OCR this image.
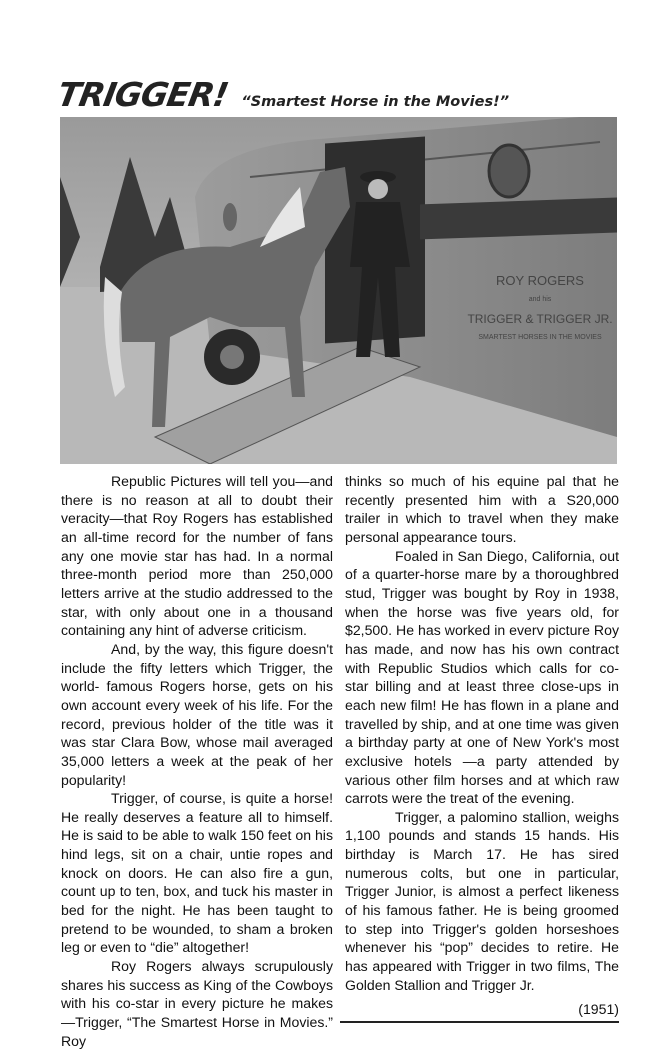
TRIGGER! “Smartest Horse in the Movies!”
ROY ROGERS
and his
TRIGGER & TRIGGER JR.
SMARTEST HORSES IN THE MOVIES

Republic Pictures will tell you—and there is no reason at all to doubt their veracity—that Roy Rogers has established an all-time record for the number of fans any one movie star has had. In a normal three-month period more than 250,000 letters arrive at the studio addressed to the star, with only about one in a thousand containing any hint of adverse criticism.

And, by the way, this figure doesn't include the fifty letters which Trigger, the world- famous Rogers horse, gets on his own account every week of his life. For the record, previous holder of the title was it was star Clara Bow, whose mail averaged 35,000 letters a week at the peak of her popularity!

Trigger, of course, is quite a horse! He really deserves a feature all to himself. He is said to be able to walk 150 feet on his hind legs, sit on a chair, untie ropes and knock on doors. He can also fire a gun, count up to ten, box, and tuck his master in bed for the night. He has been taught to pretend to be wounded, to sham a broken leg or even to “die” altogether!

Roy Rogers always scrupulously shares his success as King of the Cowboys with his co-star in every picture he makes—Trigger, “The Smartest Horse in Movies.” Roy

thinks so much of his equine pal that he recently presented him with a S20,000 trailer in which to travel when they make personal appearance tours.

Foaled in San Diego, California, out of a quarter-horse mare by a thoroughbred stud, Trigger was bought by Roy in 1938, when the horse was five years old, for $2,500. He has worked in everv picture Roy has made, and now has his own contract with Republic Studios which calls for co-star billing and at least three close-ups in each new film! He has flown in a plane and travelled by ship, and at one time was given a birthday party at one of New York's most exclusive hotels —a party attended by various other film horses and at which raw carrots were the treat of the evening.

Trigger, a palomino stallion, weighs 1,100 pounds and stands 15 hands. His birthday is March 17. He has sired numerous colts, but one in particular, Trigger Junior, is almost a perfect likeness of his famous father. He is being groomed to step into Trigger's golden horseshoes whenever his “pop” decides to retire. He has appeared with Trigger in two films, The Golden Stallion and Trigger Jr.

(1951)
